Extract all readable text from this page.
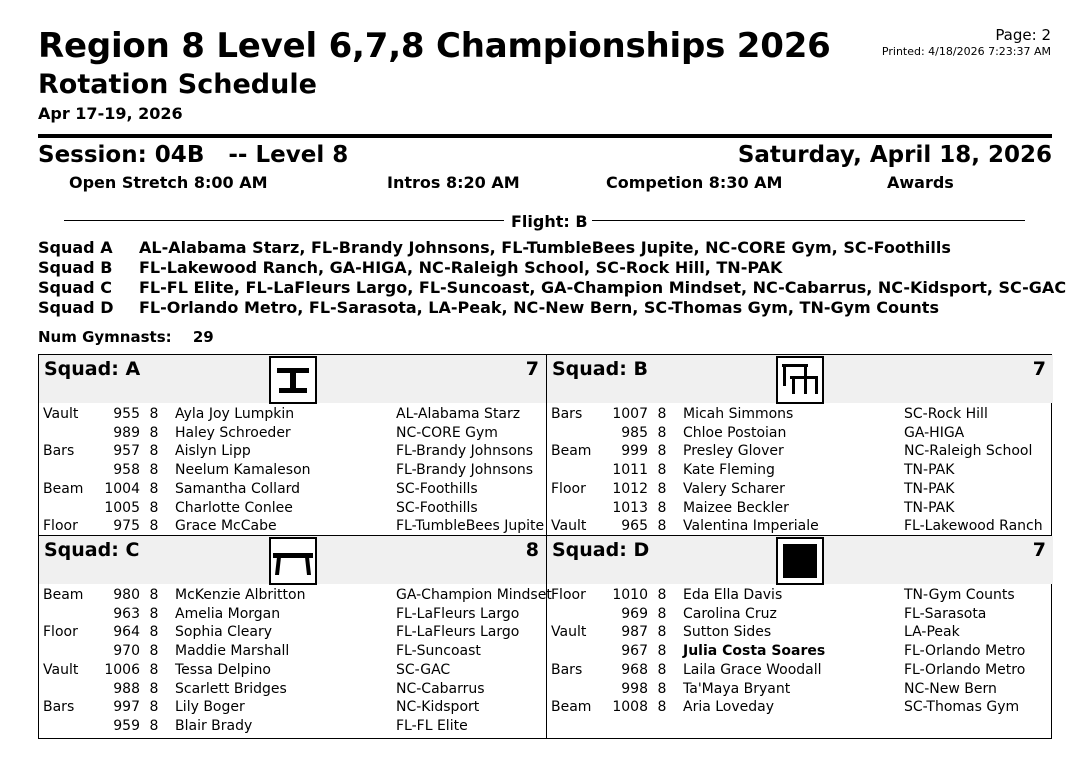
Region 8 Level 6,7,8 Championships 2026
Rotation Schedule
Apr 17-19, 2026
Page: 2
Printed: 4/18/2026 7:23:37 AM
Session: 04B   -- Level 8	Saturday, April 18, 2026
Open Stretch 8:00 AM	Intros 8:20 AM	Competion 8:30 AM	Awards
Flight: B
Squad A AL-Alabama Starz, FL-Brandy Johnsons, FL-TumbleBees Jupite, NC-CORE Gym, SC-Foothills
Squad B FL-Lakewood Ranch, GA-HIGA, NC-Raleigh School, SC-Rock Hill, TN-PAK
Squad C FL-FL Elite, FL-LaFleurs Largo, FL-Suncoast, GA-Champion Mindset, NC-Cabarrus, NC-Kidsport, SC-GAC
Squad D FL-Orlando Metro, FL-Sarasota, LA-Peak, NC-New Bern, SC-Thomas Gym, TN-Gym Counts
Num Gymnasts: 29
Squad: A	7
Vault	955 8 Ayla Joy Lumpkin	AL-Alabama Starz
989 8 Haley Schroeder	NC-CORE Gym
Bars	957 8 Aislyn Lipp	FL-Brandy Johnsons
958 8 Neelum Kamaleson	FL-Brandy Johnsons
Beam	1004 8 Samantha Collard	SC-Foothills
1005 8 Charlotte Conlee	SC-Foothills
Floor	975 8 Grace McCabe	FL-TumbleBees Jupite
Squad: B	7
Bars	1007 8 Micah Simmons	SC-Rock Hill
985 8 Chloe Postoian	GA-HIGA
Beam	999 8 Presley Glover	NC-Raleigh School
1011 8 Kate Fleming	TN-PAK
Floor	1012 8 Valery Scharer	TN-PAK
1013 8 Maizee Beckler	TN-PAK
Vault	965 8 Valentina Imperiale	FL-Lakewood Ranch
Squad: C	8
Beam	980 8 McKenzie Albritton	GA-Champion Mindset
963 8 Amelia Morgan	FL-LaFleurs Largo
Floor	964 8 Sophia Cleary	FL-LaFleurs Largo
970 8 Maddie Marshall	FL-Suncoast
Vault	1006 8 Tessa Delpino	SC-GAC
988 8 Scarlett Bridges	NC-Cabarrus
Bars	997 8 Lily Boger	NC-Kidsport
959 8 Blair Brady	FL-FL Elite
Squad: D	7
Floor	1010 8 Eda Ella Davis	TN-Gym Counts
969 8 Carolina Cruz	FL-Sarasota
Vault	987 8 Sutton Sides	LA-Peak
967 8 Julia Costa Soares	FL-Orlando Metro
Bars	968 8 Laila Grace Woodall	FL-Orlando Metro
998 8 Ta'Maya Bryant	NC-New Bern
Beam	1008 8 Aria Loveday	SC-Thomas Gym
